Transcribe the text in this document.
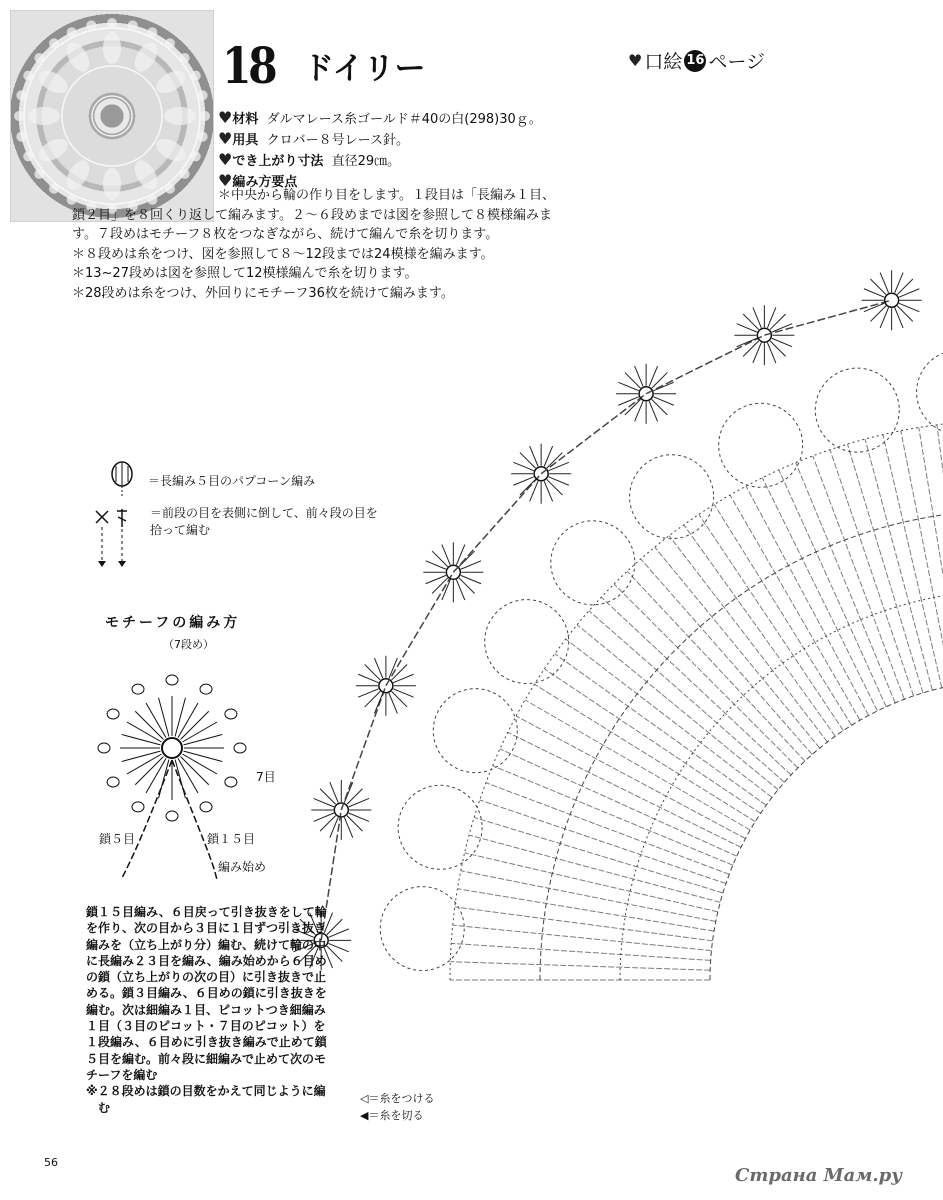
18 ドイリー	♥ 口絵 16 ページ
♥材料 ダルマレース糸ゴールド＃40の白(298)30ｇ。
♥用具 クロバー８号レース針。
♥でき上がり寸法 直径29㎝。
♥編み方要点

＊中央から輪の作り目をします。１段目は「長編み１目、鎖２目」を８回くり返して編みます。２～６段めまでは図を参照して８模様編みます。７段めはモチーフ８枚をつなぎながら、続けて編んで糸を切ります。

＊８段めは糸をつけ、図を参照して８～12段までは24模様を編みます。

＊13~27段めは図を参照して12模様編んで糸を切ります。

＊28段めは糸をつけ、外回りにモチーフ36枚を続けて編みます。

＝長編み５目のパプコーン編み
＝前段の目を表側に倒して、前々段の目を拾って編む
モチーフの編み方
（7段め）
7目
鎖５目	鎖１５目
編み始め

鎖１５目編み、６目戻って引き抜きをして輪を作り、次の目から３目に１目ずつ引き抜き編みを（立ち上がり分）編む、続けて輪の中に長編み２３目を編み、編み始めから６目めの鎖（立ち上がりの次の目）に引き抜きで止める。鎖３目編み、６目めの鎖に引き抜きを編む。次は細編み１目、ピコットつき細編み１目（３目のピコット・７目のピコット）を１段編み、６目めに引き抜き編みで止めて鎖５目を編む。前々段に細編みで止めて次のモチーフを編む

※２８段めは鎖の目数をかえて同じように編む

◁＝糸をつける
◀＝糸を切る
56
Страна Мам.ру
